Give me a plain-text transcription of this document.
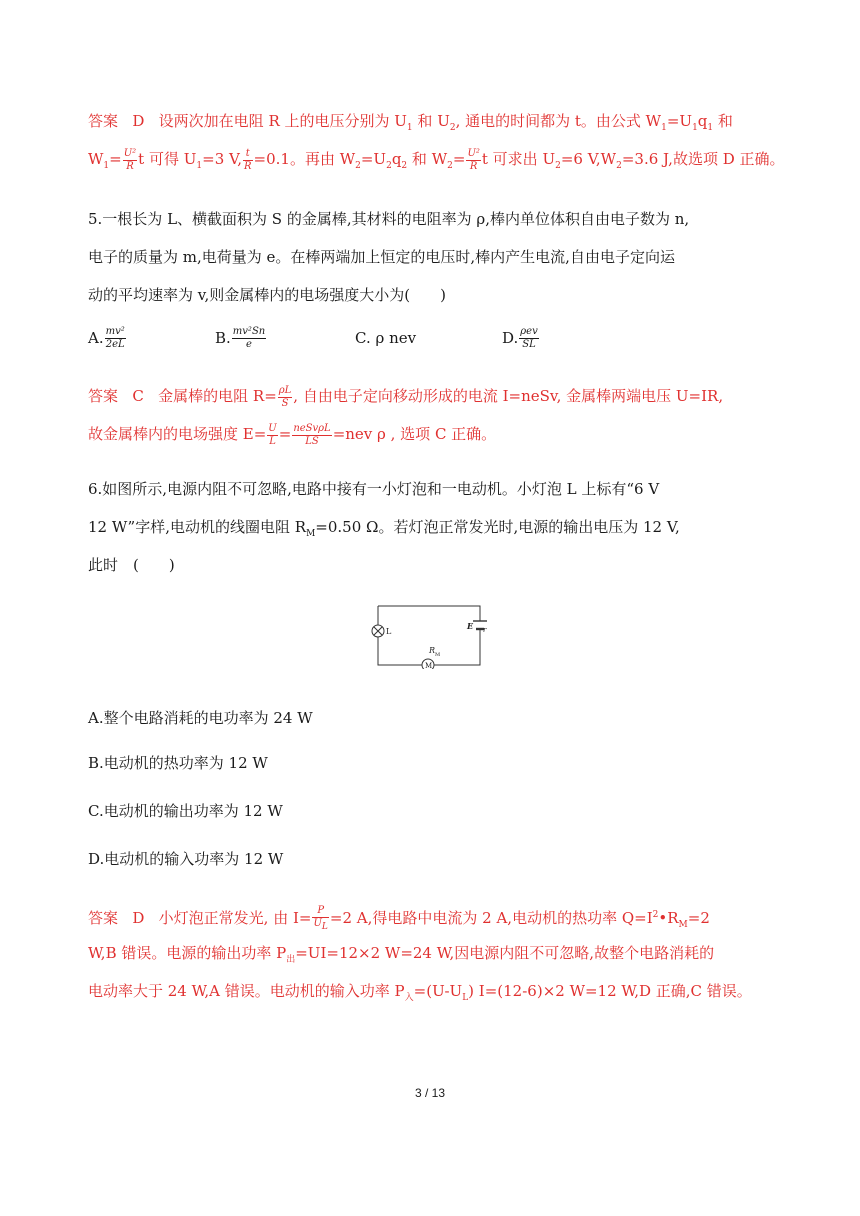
答案 D 设两次加在电阻 R 上的电压分别为 $U_1$ 和 $U_2$, 通电的时间都为 t。由公式 $W_1=U_1q_1$ 和
$W_1= \frac{\text{U²}}{R}$ t 可得 $U_1=3$ V, $\frac{t}{R} =0.1$。再由 $W_2=U_2q_2$ 和 $W_2= \frac{\text{U²}}{R}$ t 可求出 $U_2=6$ $V,W_2=3.6$ J,故选项 D 正确。
5.一根长为 L、横截面积为 S 的金属棒,其材料的电阻率为 ρ,棒内单位体积自由电子数为 n,
电子的质量为 m,电荷量为 e。在棒两端加上恒定的电压时,棒内产生电流,自由电子定向运
动的平均速率为 v,则金属棒内的电场强度大小为(　　)
A. $\frac{\text{mv²}}{2eL}$	B. $\frac{\text{mv²Sn}}{e}$	C.
ρ nev	D. $\frac{\text{ρev}}{SL}$
答案 C 金属棒的电阻 $R= \frac{\rho L}{S}$ , 自由电子定向移动形成的电流 I=neSv, 金属棒两端电压 U=IR,
故金属棒内的电场强度 $E= \frac{U}{L} = \frac{\text{neSvρL}}{LS} =nev$ ρ , 选项 C 正确。
6.如图所示,电源内阻不可忽略,电路中接有一小灯泡和一电动机。小灯泡 L 上标有“6 V
12 W”字样,电动机的线圈电阻 $R_M=0.50$ Ω。若灯泡正常发光时,电源的输出电压为 12 V,
此时　(　　)
L
E r
R M
M
A.整个电路消耗的电功率为 24 W
B.电动机的热功率为 12 W
C.电动机的输出功率为 12 W
D.电动机的输入功率为 12 W
答案 D 小灯泡正常发光, 由 $I= \frac{P}{U_L} =2$ A,得电路中电流为 2 A,电动机的热功率 $Q=I^2•R_M=2$
W,B 错误。电源的输出功率 $P_出=UI=12\times 2$ W=24 W,因电源内阻不可忽略,故整个电路消耗的
电动率大于 24 W,A 错误。电动机的输入功率 $P_入=(U-U_L)$ I=(12-6)×2 W=12 W,D 正确,C 错误。
3 / 13
